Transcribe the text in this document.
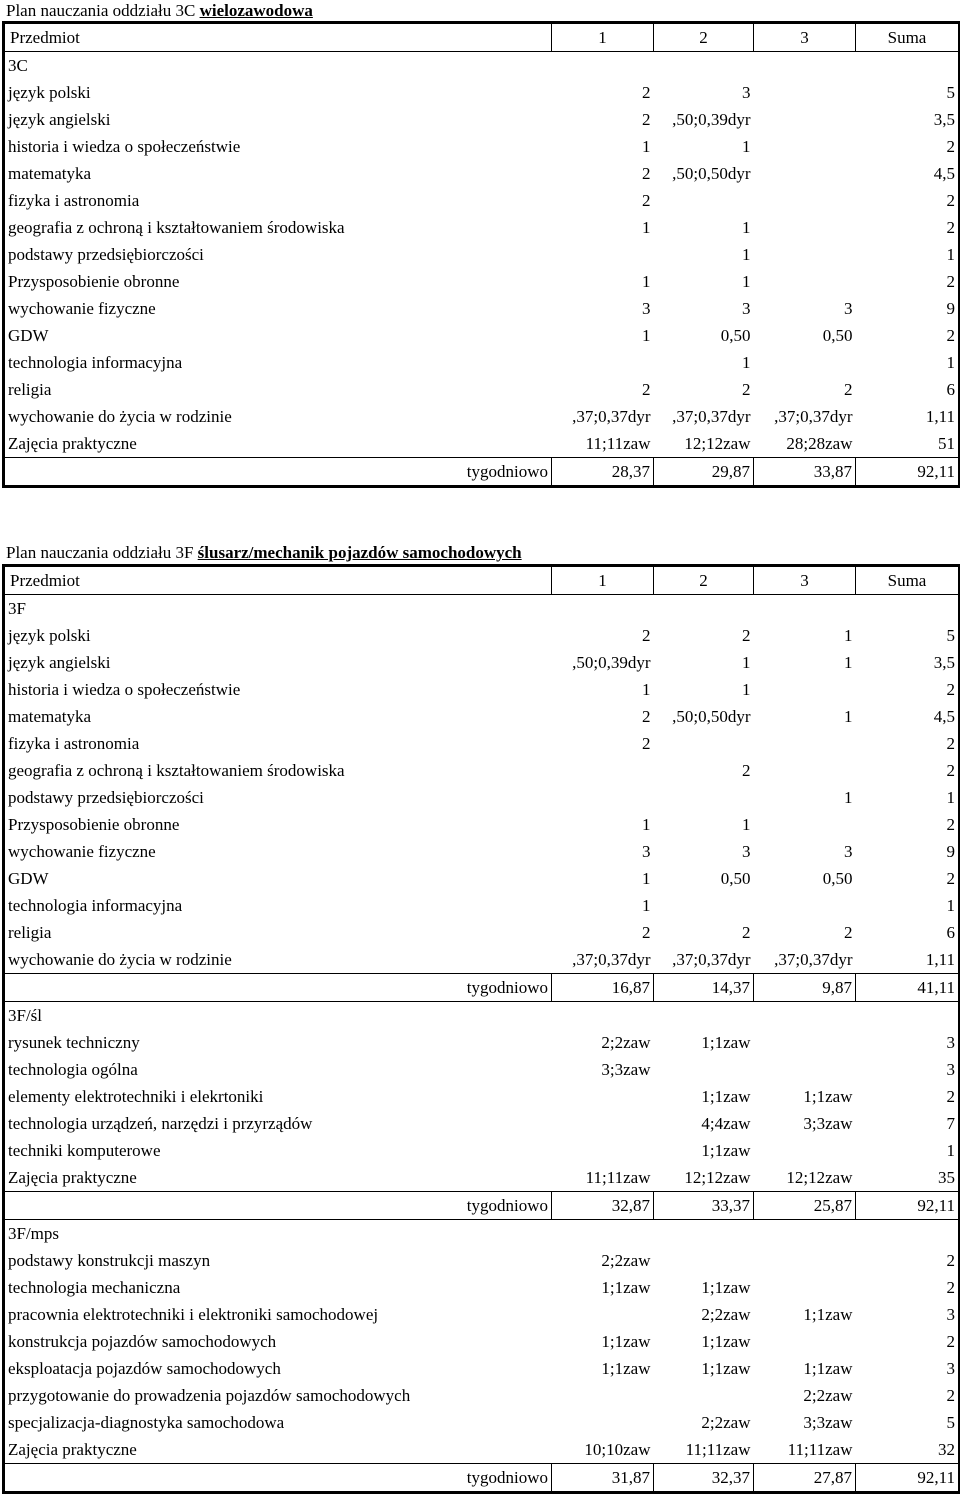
Plan nauczania oddziału 3C wielozawodowa
Przedmiot	1	2	3	Suma
3C				
język polski	2	3		5
język angielski	2	,50;0,39dyr		3,5
historia i wiedza o społeczeństwie	1	1		2
matematyka	2	,50;0,50dyr		4,5
fizyka i astronomia	2			2
geografia z ochroną i kształtowaniem środowiska	1	1		2
podstawy przedsiębiorczości		1		1
Przysposobienie obronne	1	1		2
wychowanie fizyczne	3	3	3	9
GDW	1	0,50	0,50	2
technologia informacyjna		1		1
religia	2	2	2	6
wychowanie do życia w rodzinie	,37;0,37dyr	,37;0,37dyr	,37;0,37dyr	1,11
Zajęcia praktyczne	11;11zaw	12;12zaw	28;28zaw	51
tygodniowo	28,37	29,87	33,87	92,11
Plan nauczania oddziału 3F ślusarz/mechanik pojazdów samochodowych
Przedmiot	1	2	3	Suma
3F				
język polski	2	2	1	5
język angielski	,50;0,39dyr	1	1	3,5
historia i wiedza o społeczeństwie	1	1		2
matematyka	2	,50;0,50dyr	1	4,5
fizyka i astronomia	2			2
geografia z ochroną i kształtowaniem środowiska		2		2
podstawy przedsiębiorczości			1	1
Przysposobienie obronne	1	1		2
wychowanie fizyczne	3	3	3	9
GDW	1	0,50	0,50	2
technologia informacyjna	1			1
religia	2	2	2	6
wychowanie do życia w rodzinie	,37;0,37dyr	,37;0,37dyr	,37;0,37dyr	1,11
tygodniowo	16,87	14,37	9,87	41,11
3F/śl				
rysunek techniczny	2;2zaw	1;1zaw		3
technologia ogólna	3;3zaw			3
elementy elektrotechniki i elekrtoniki		1;1zaw	1;1zaw	2
technologia urządzeń, narzędzi i przyrządów		4;4zaw	3;3zaw	7
techniki komputerowe		1;1zaw		1
Zajęcia praktyczne	11;11zaw	12;12zaw	12;12zaw	35
tygodniowo	32,87	33,37	25,87	92,11
3F/mps				
podstawy konstrukcji maszyn	2;2zaw			2
technologia mechaniczna	1;1zaw	1;1zaw		2
pracownia elektrotechniki i elektroniki samochodowej		2;2zaw	1;1zaw	3
konstrukcja pojazdów samochodowych	1;1zaw	1;1zaw		2
eksploatacja pojazdów samochodowych	1;1zaw	1;1zaw	1;1zaw	3
przygotowanie do prowadzenia pojazdów samochodowych			2;2zaw	2
specjalizacja-diagnostyka samochodowa		2;2zaw	3;3zaw	5
Zajęcia praktyczne	10;10zaw	11;11zaw	11;11zaw	32
tygodniowo	31,87	32,37	27,87	92,11
